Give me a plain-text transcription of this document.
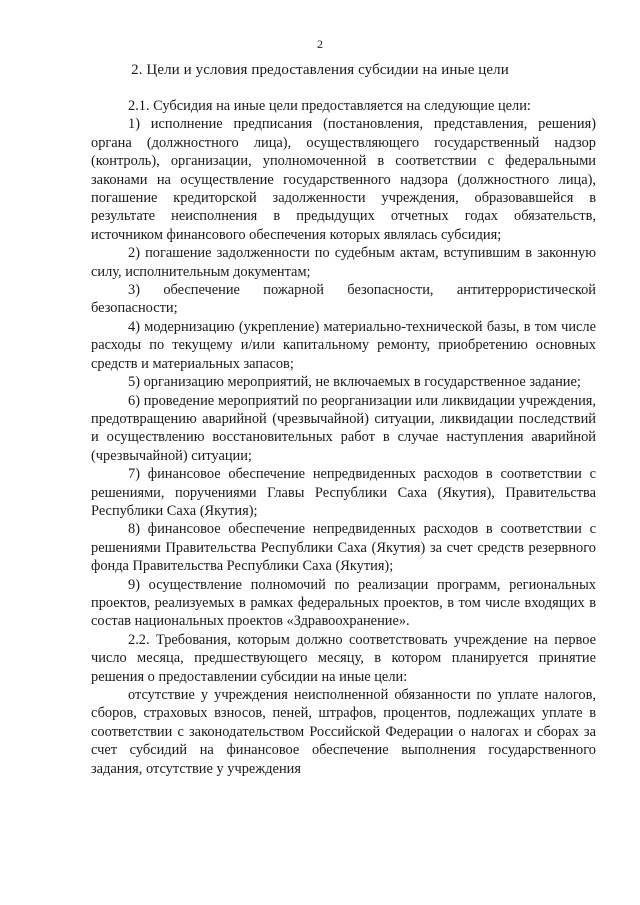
2
2. Цели и условия предоставления субсидии на иные цели

2.1. Субсидия на иные цели предоставляется на следующие цели:

1) исполнение предписания (постановления, представления, решения) органа (должностного лица), осуществляющего государственный надзор (контроль), организации, уполномоченной в соответствии с федеральными законами на осуществление государственного надзора (должностного лица), погашение кредиторской задолженности учреждения, образовавшейся в результате неисполнения в предыдущих отчетных годах обязательств, источником финансового обеспечения которых являлась субсидия;

2) погашение задолженности по судебным актам, вступившим в законную силу, исполнительным документам;

3) обеспечение пожарной безопасности, антитеррористической безопасности;

4) модернизацию (укрепление) материально-технической базы, в том числе расходы по текущему и/или капитальному ремонту, приобретению основных средств и материальных запасов;

5) организацию мероприятий, не включаемых в государственное задание;

6) проведение мероприятий по реорганизации или ликвидации учреждения, предотвращению аварийной (чрезвычайной) ситуации, ликвидации последствий и осуществлению восстановительных работ в случае наступления аварийной (чрезвычайной) ситуации;

7) финансовое обеспечение непредвиденных расходов в соответствии с решениями, поручениями Главы Республики Саха (Якутия), Правительства Республики Саха (Якутия);

8) финансовое обеспечение непредвиденных расходов в соответствии с решениями Правительства Республики Саха (Якутия) за счет средств резервного фонда Правительства Республики Саха (Якутия);

9) осуществление полномочий по реализации программ, региональных проектов, реализуемых в рамках федеральных проектов, в том числе входящих в состав национальных проектов «Здравоохранение».

2.2. Требования, которым должно соответствовать учреждение на первое число месяца, предшествующего месяцу, в котором планируется принятие решения о предоставлении субсидии на иные цели:

отсутствие у учреждения неисполненной обязанности по уплате налогов, сборов, страховых взносов, пеней, штрафов, процентов, подлежащих уплате в соответствии с законодательством Российской Федерации о налогах и сборах за счет субсидий на финансовое обеспечение выполнения государственного задания, отсутствие у учреждения
